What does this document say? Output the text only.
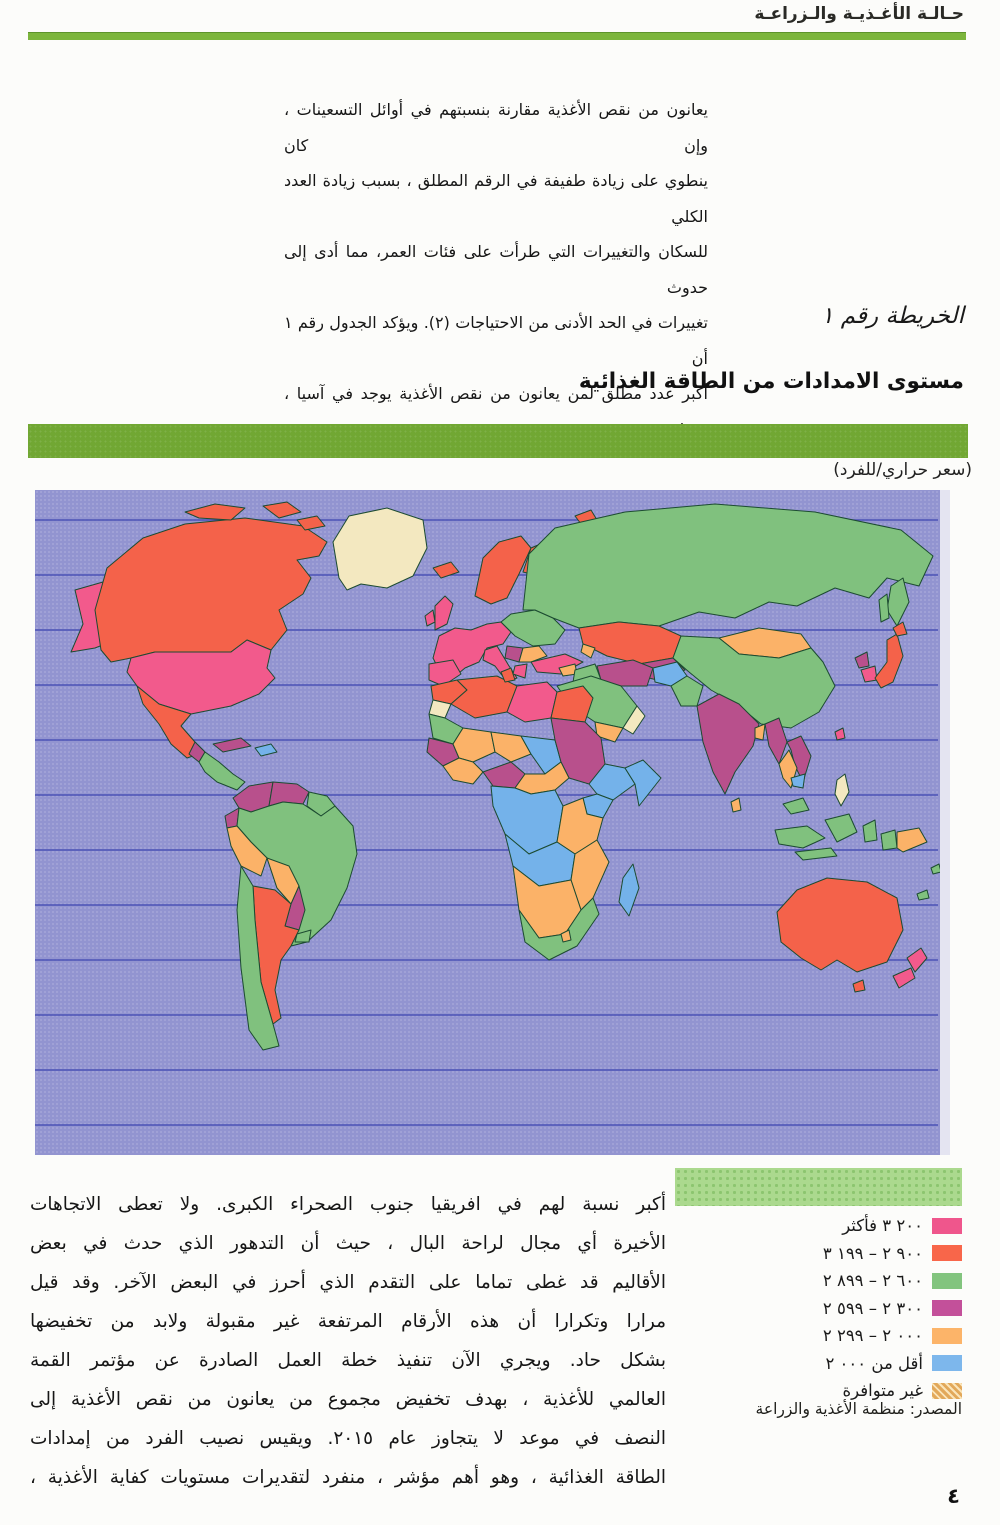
حـالـة الأغـذيـة والـزراعـة
يعانون من نقص الأغذية مقارنة بنسبتهم في أوائل التسعينات ، وإن كان
ينطوي على زيادة طفيفة في الرقم المطلق ، بسبب زيادة العدد الكلي
للسكان والتغييرات التي طرأت على فئات العمر، مما أدى إلى حدوث
تغييرات في الحد الأدنى من الاحتياجات (٢). ويؤكد الجدول رقم ١ أن
أكبر عدد مطلق لمن يعانون من نقص الأغذية يوجد في آسيا ،
الخريطة رقم ١
مستوى الامدادات من الطاقة الغذائية
(سعر حراري/للفرد)
أكبر نسبة لهم في افريقيا جنوب الصحراء الكبرى. ولا تعطى الاتجاهات
الأخيرة أي مجال لراحة البال ، حيث أن التدهور الذي حدث في بعض
الأقاليم قد غطى تماما على التقدم الذي أحرز في البعض الآخر. وقد قيل
مرارا وتكرارا أن هذه الأرقام المرتفعة غير مقبولة ولابد من تخفيضها
بشكل حاد. ويجري الآن تنفيذ خطة العمل الصادرة عن مؤتمر القمة
العالمي للأغذية ، بهدف تخفيض مجموع من يعانون من نقص الأغذية إلى
النصف في موعد لا يتجاوز عام ٢٠١٥. ويقيس نصيب الفرد من إمدادات
الطاقة الغذائية ، وهو أهم مؤشر ، منفرد لتقديرات مستويات كفاية الأغذية ،
٣ ٢٠٠ فأكثر
٢ ٩٠٠ – ٣ ١٩٩
٢ ٦٠٠ – ٢ ٨٩٩
٢ ٣٠٠ – ٢ ٥٩٩
٢ ٠٠٠ – ٢ ٢٩٩
أقل من ٢ ٠٠٠
غير متوافرة
المصدر: منظمة الأغذية والزراعة
٤
